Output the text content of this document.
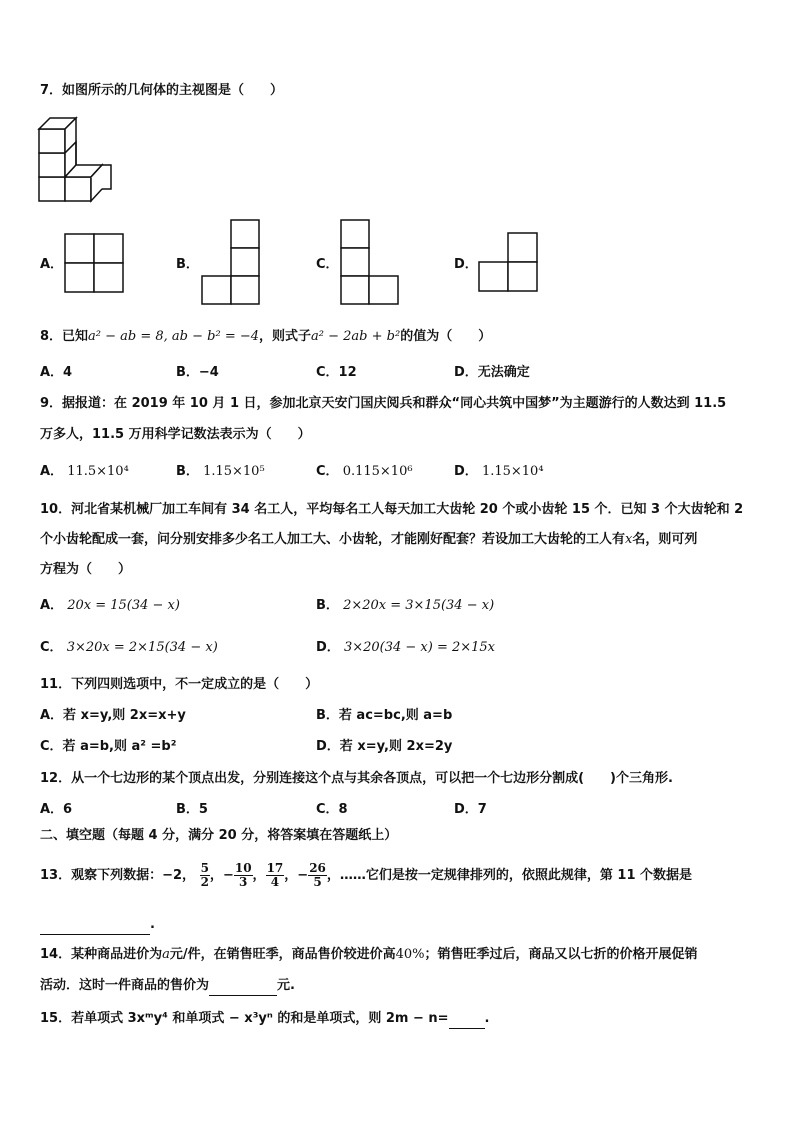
7．如图所示的几何体的主视图是（　　）
A．	B．	C．	D．
8．已知a² − ab = 8, ab − b² = −4，则式子a² − 2ab + b²的值为（　　）
A．4	B．−4	C．12	D．无法确定
9．据报道：在 2019 年 10 月 1 日，参加北京天安门国庆阅兵和群众“同心共筑中国梦”为主题游行的人数达到 11.5
万多人，11.5 万用科学记数法表示为（　　）
A． 11.5×10⁴	B． 1.15×10⁵	C． 0.115×10⁶	D． 1.15×10⁴
10．河北省某机械厂加工车间有 34 名工人，平均每名工人每天加工大齿轮 20 个或小齿轮 15 个．已知 3 个大齿轮和 2
个小齿轮配成一套，问分别安排多少名工人加工大、小齿轮，才能刚好配套？若设加工大齿轮的工人有x名，则可列
方程为（　　）
A． 20x = 15(34 − x)	B． 2×20x = 3×15(34 − x)
C． 3×20x = 2×15(34 − x)	D． 3×20(34 − x) = 2×15x
11．下列四则选项中，不一定成立的是（　　）
A．若 x=y,则 2x=x+y	B．若 ac=bc,则 a=b
C．若 a=b,则 a² =b²	D．若 x=y,则 2x=2y
12．从一个七边形的某个顶点出发，分别连接这个点与其余各顶点，可以把一个七边形分割成(　　)个三角形.
A．6	B．5	C．8	D．7
二、填空题（每题 4 分，满分 20 分，将答案填在答题纸上）
13．观察下列数据：−2， $\frac{5}{2}$ ，− $\frac{10}{3}$ ， $\frac{17}{4}$ ，− $\frac{26}{5}$ ，……它们是按一定规律排列的，依照此规律，第 11 个数据是
.
14．某种商品进价为a元/件，在销售旺季，商品售价较进价高40%；销售旺季过后，商品又以七折的价格开展促销
活动．这时一件商品的售价为	元.
15．若单项式 3xᵐy⁴ 和单项式 − x³yⁿ 的和是单项式，则 2m − n=	.
